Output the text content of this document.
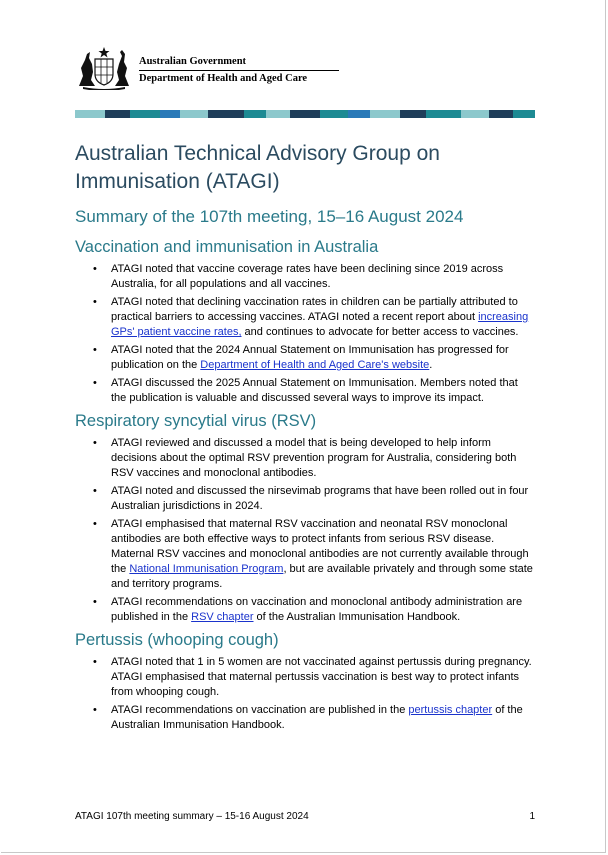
Australian Government
Department of Health and Aged Care
Australian Technical Advisory Group on Immunisation (ATAGI)
Summary of the 107th meeting, 15–16 August 2024
Vaccination and immunisation in Australia
• ATAGI noted that vaccine coverage rates have been declining since 2019 across Australia, for all populations and all vaccines.
• ATAGI noted that declining vaccination rates in children can be partially attributed to practical barriers to accessing vaccines. ATAGI noted a recent report about increasing GPs' patient vaccine rates, and continues to advocate for better access to vaccines.
• ATAGI noted that the 2024 Annual Statement on Immunisation has progressed for publication on the Department of Health and Aged Care's website.
• ATAGI discussed the 2025 Annual Statement on Immunisation. Members noted that the publication is valuable and discussed several ways to improve its impact.
Respiratory syncytial virus (RSV)
• ATAGI reviewed and discussed a model that is being developed to help inform decisions about the optimal RSV prevention program for Australia, considering both RSV vaccines and monoclonal antibodies.
• ATAGI noted and discussed the nirsevimab programs that have been rolled out in four Australian jurisdictions in 2024.
• ATAGI emphasised that maternal RSV vaccination and neonatal RSV monoclonal antibodies are both effective ways to protect infants from serious RSV disease. Maternal RSV vaccines and monoclonal antibodies are not currently available through the National Immunisation Program, but are available privately and through some state and territory programs.
• ATAGI recommendations on vaccination and monoclonal antibody administration are published in the RSV chapter of the Australian Immunisation Handbook.
Pertussis (whooping cough)
• ATAGI noted that 1 in 5 women are not vaccinated against pertussis during pregnancy. ATAGI emphasised that maternal pertussis vaccination is best way to protect infants from whooping cough.
• ATAGI recommendations on vaccination are published in the pertussis chapter of the Australian Immunisation Handbook.
ATAGI 107th meeting summary – 15-16 August 2024	1
